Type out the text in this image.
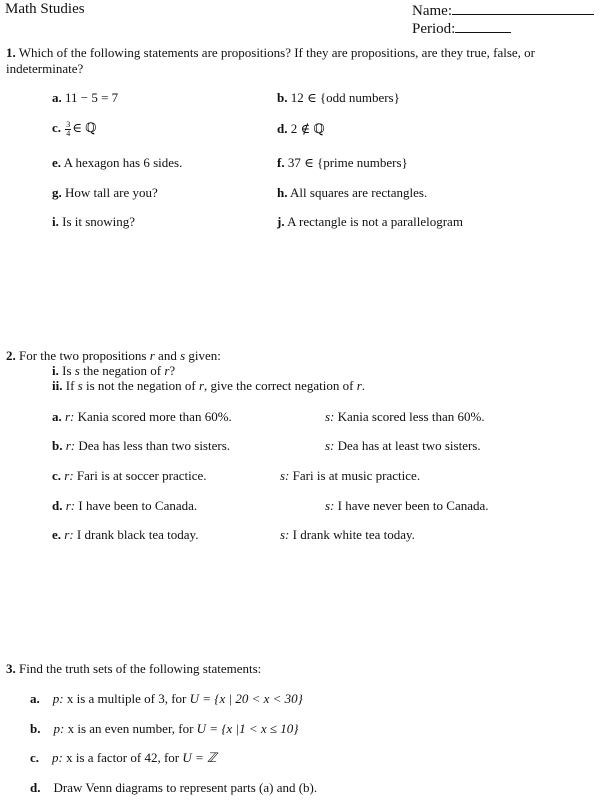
Math Studies	Name:
Period:
1. Which of the following statements are propositions? If they are propositions, are they true, false, or indeterminate?
a. 11 − 5 = 7	b. 12 ∈ {odd numbers}
c. $\frac{3}{4}$ ∈ ℚ	d. 2 ∉ ℚ
e. A hexagon has 6 sides.	f. 37 ∈ {prime numbers}
g. How tall are you?	h. All squares are rectangles.
i. Is it snowing?	j. A rectangle is not a parallelogram
2. For the two propositions r and s given:
i. Is s the negation of r?
ii. If s is not the negation of r, give the correct negation of r.
a. r: Kania scored more than 60%.	s: Kania scored less than 60%.
b. r: Dea has less than two sisters.	s: Dea has at least two sisters.
c. r: Fari is at soccer practice.	s: Fari is at music practice.
d. r: I have been to Canada.	s: I have never been to Canada.
e. r: I drank black tea today.	s: I drank white tea today.
3. Find the truth sets of the following statements:
a. p: x is a multiple of 3, for U = {x | 20 < x < 30}
b. p: x is an even number, for U = {x |1 < x ≤ 10}
c. p: x is a factor of 42, for U = ℤ
d. Draw Venn diagrams to represent parts (a) and (b).
